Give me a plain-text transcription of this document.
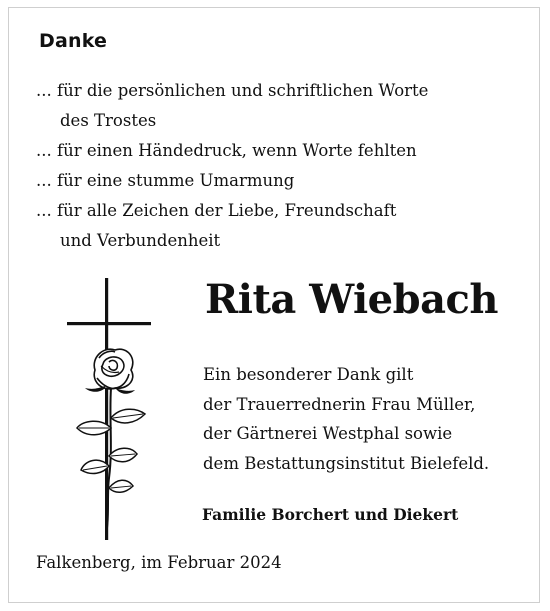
Danke
... für die persönlichen und schriftlichen Worte
des Trostes
... für einen Händedruck, wenn Worte fehlten
... für eine stumme Umarmung
... für alle Zeichen der Liebe, Freundschaft
und Verbundenheit
Rita Wiebach
Ein besonderer Dank gilt
der Trauerrednerin Frau Müller,
der Gärtnerei Westphal sowie
dem Bestattungsinstitut Bielefeld.
Familie Borchert und Diekert
Falkenberg, im Februar 2024
